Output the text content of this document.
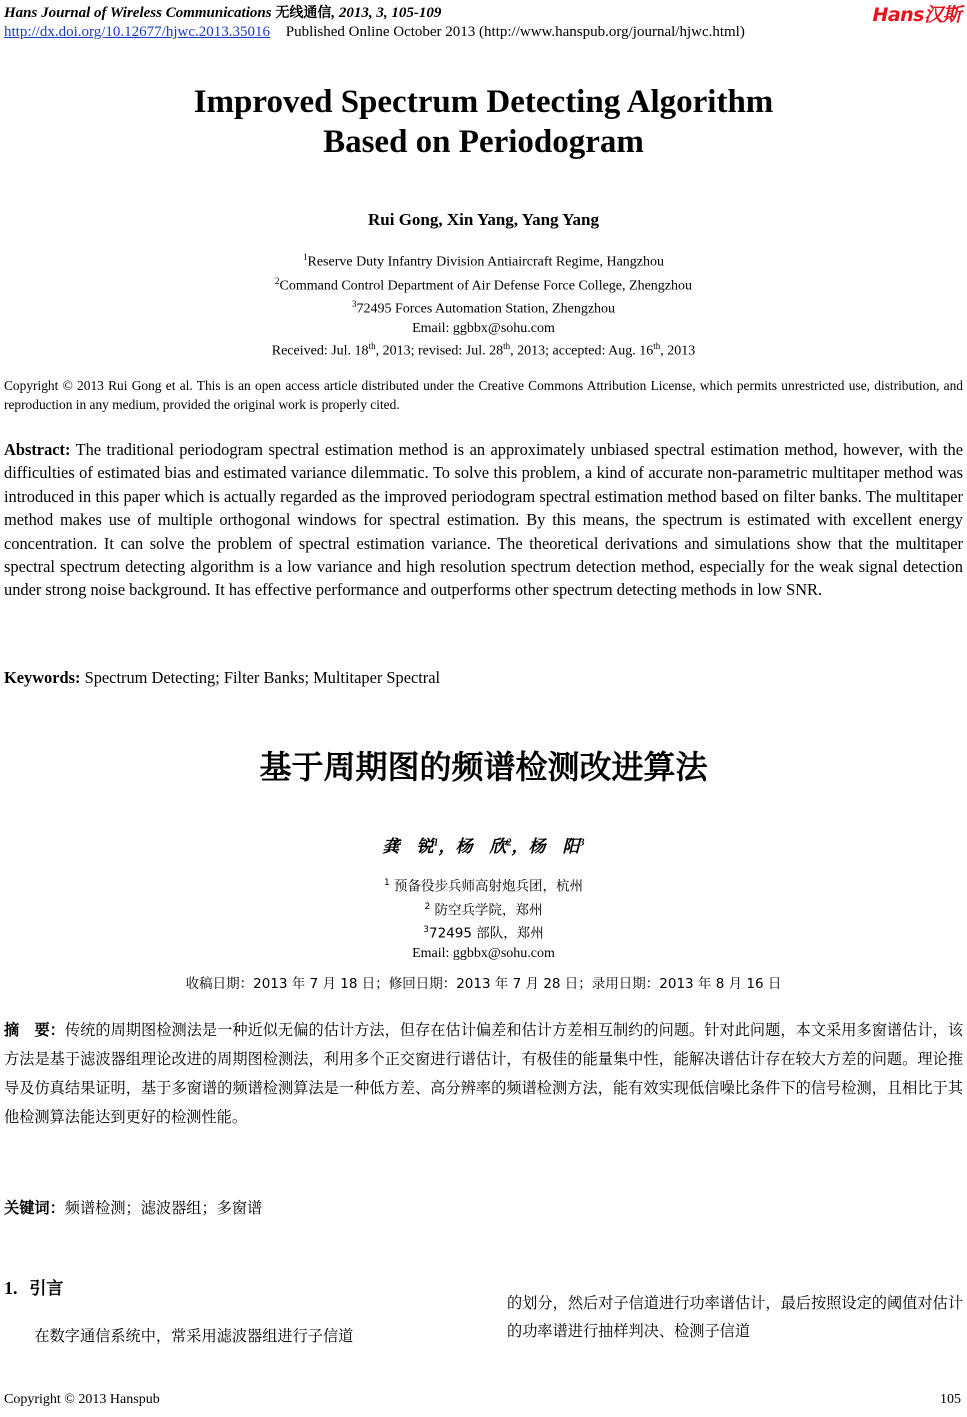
Hans Journal of Wireless Communications 无线通信, 2013, 3, 105-109	Hans汉斯
http://dx.doi.org/10.12677/hjwc.2013.35016 Published Online October 2013 (http://www.hanspub.org/journal/hjwc.html)
Improved Spectrum Detecting Algorithm
Based on Periodogram
Rui Gong, Xin Yang, Yang Yang
$^1$Reserve Duty Infantry Division Antiaircraft Regime, Hangzhou
$^2$Command Control Department of Air Defense Force College, Zhengzhou
$^3$72495 Forces Automation Station, Zhengzhou
Email: ggbbx@sohu.com
Received: Jul. 18th, 2013; revised: Jul. 28th, 2013; accepted: Aug. 16th, 2013
Copyright © 2013 Rui Gong et al. This is an open access article distributed under the Creative Commons Attribution License, which permits unrestricted use, distribution, and reproduction in any medium, provided the original work is properly cited.
Abstract: The traditional periodogram spectral estimation method is an approximately unbiased spectral estimation method, however, with the difficulties of estimated bias and estimated variance dilemmatic. To solve this problem, a kind of accurate non-parametric multitaper method was introduced in this paper which is actually regarded as the improved periodogram spectral estimation method based on filter banks. The multitaper method makes use of multiple orthogonal windows for spectral estimation. By this means, the spectrum is estimated with excellent energy concentration. It can solve the problem of spectral estimation variance. The theoretical derivations and simulations show that the multitaper spectral spectrum detecting algorithm is a low variance and high resolution spectrum detection method, especially for the weak signal detection under strong noise background. It has effective performance and outperforms other spectrum detecting methods in low SNR.
Keywords: Spectrum Detecting; Filter Banks; Multitaper Spectral
基于周期图的频谱检测改进算法
龚　锐$^1$，杨　欣$^2$，杨　阳$^3$
$^1$ 预备役步兵师高射炮兵团，杭州
$^2$ 防空兵学院，郑州
$^3$72495 部队，郑州
Email: ggbbx@sohu.com
收稿日期：2013 年 7 月 18 日；修回日期：2013 年 7 月 28 日；录用日期：2013 年 8 月 16 日
摘　要：传统的周期图检测法是一种近似无偏的估计方法，但存在估计偏差和估计方差相互制约的问题。针对此问题，本文采用多窗谱估计，该方法是基于滤波器组理论改进的周期图检测法，利用多个正交窗进行谱估计，有极佳的能量集中性，能解决谱估计存在较大方差的问题。理论推导及仿真结果证明，基于多窗谱的频谱检测算法是一种低方差、高分辨率的频谱检测方法，能有效实现低信噪比条件下的信号检测，且相比于其他检测算法能达到更好的检测性能。
关键词：频谱检测；滤波器组；多窗谱
1. 引言
在数字通信系统中，常采用滤波器组进行子信道
的划分，然后对子信道进行功率谱估计，最后按照设定的阈值对估计的功率谱进行抽样判决、检测子信道
Copyright © 2013 Hanspub	105
